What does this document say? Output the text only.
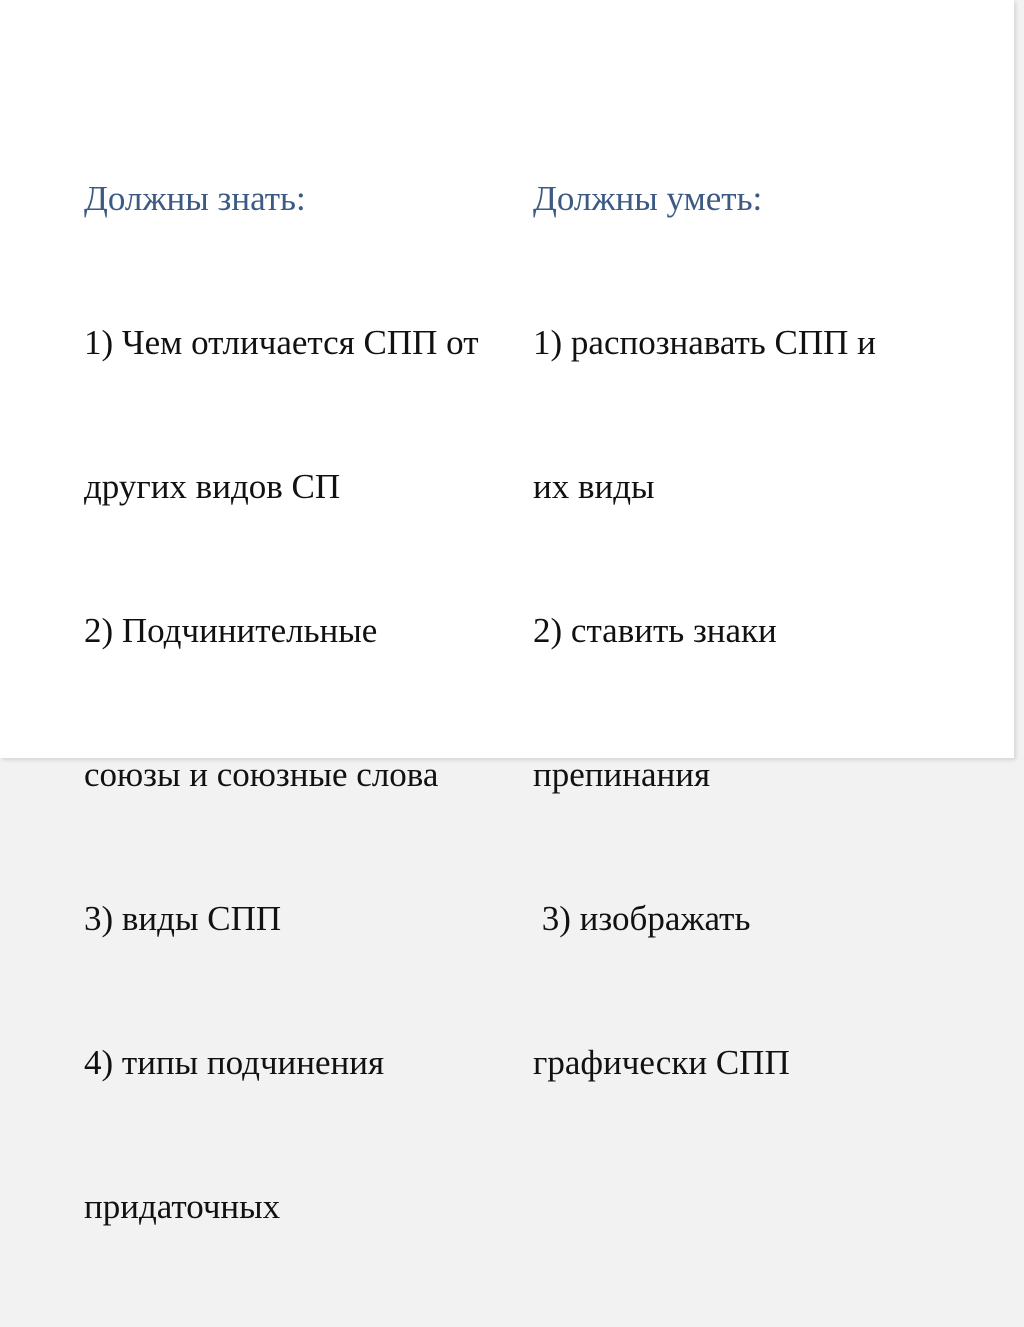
Должны знать:

1) Чем отличается СПП от

других видов СП

2) Подчинительные

союзы и союзные слова

3) виды СПП

4) типы подчинения

придаточных

Должны уметь:

1) распознавать СПП и

их виды

2) ставить знаки

препинания

3) изображать

графически СПП
